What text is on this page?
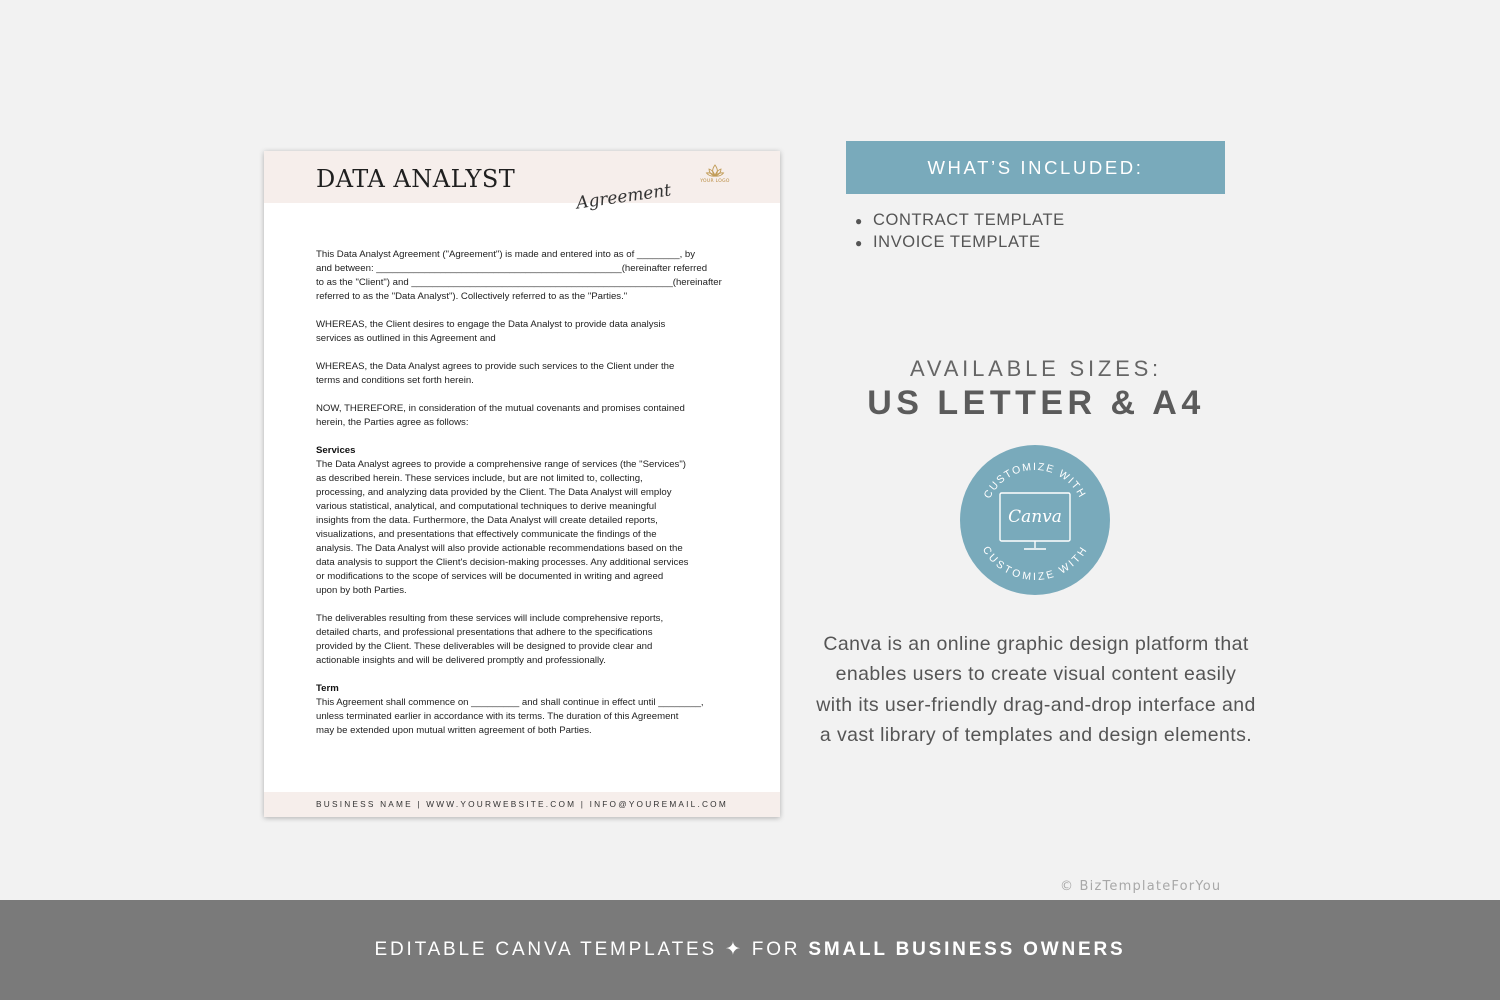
DATA ANALYST
Agreement	YOUR LOGO

This Data Analyst Agreement ("Agreement") is made and entered into as of ________, by
and between: ______________________________________________(hereinafter referred
to as the "Client") and _________________________________________________(hereinafter
referred to as the "Data Analyst"). Collectively referred to as the "Parties."

WHEREAS, the Client desires to engage the Data Analyst to provide data analysis
services as outlined in this Agreement and

WHEREAS, the Data Analyst agrees to provide such services to the Client under the
terms and conditions set forth herein.

NOW, THEREFORE, in consideration of the mutual covenants and promises contained
herein, the Parties agree as follows:

Services

The Data Analyst agrees to provide a comprehensive range of services (the "Services")
as described herein. These services include, but are not limited to, collecting,
processing, and analyzing data provided by the Client. The Data Analyst will employ
various statistical, analytical, and computational techniques to derive meaningful
insights from the data. Furthermore, the Data Analyst will create detailed reports,
visualizations, and presentations that effectively communicate the findings of the
analysis. The Data Analyst will also provide actionable recommendations based on the
data analysis to support the Client's decision-making processes. Any additional services
or modifications to the scope of services will be documented in writing and agreed
upon by both Parties.

The deliverables resulting from these services will include comprehensive reports,
detailed charts, and professional presentations that adhere to the specifications
provided by the Client. These deliverables will be designed to provide clear and
actionable insights and will be delivered promptly and professionally.

Term

This Agreement shall commence on _________ and shall continue in effect until ________,
unless terminated earlier in accordance with its terms. The duration of this Agreement
may be extended upon mutual written agreement of both Parties.

BUSINESS NAME | WWW.YOURWEBSITE.COM | INFO@YOUREMAIL.COM
WHAT’S INCLUDED:
● CONTRACT TEMPLATE
● INVOICE TEMPLATE
AVAILABLE SIZES:
US LETTER & A4
CUSTOMIZE WITH
CUSTOMIZE WITH
Canva
Canva is an online graphic design platform that enables users to create visual content easily with its user-friendly drag-and-drop interface and a vast library of templates and design elements.
© BizTemplateForYou
EDITABLE CANVA TEMPLATES ✦ FOR SMALL BUSINESS OWNERS
